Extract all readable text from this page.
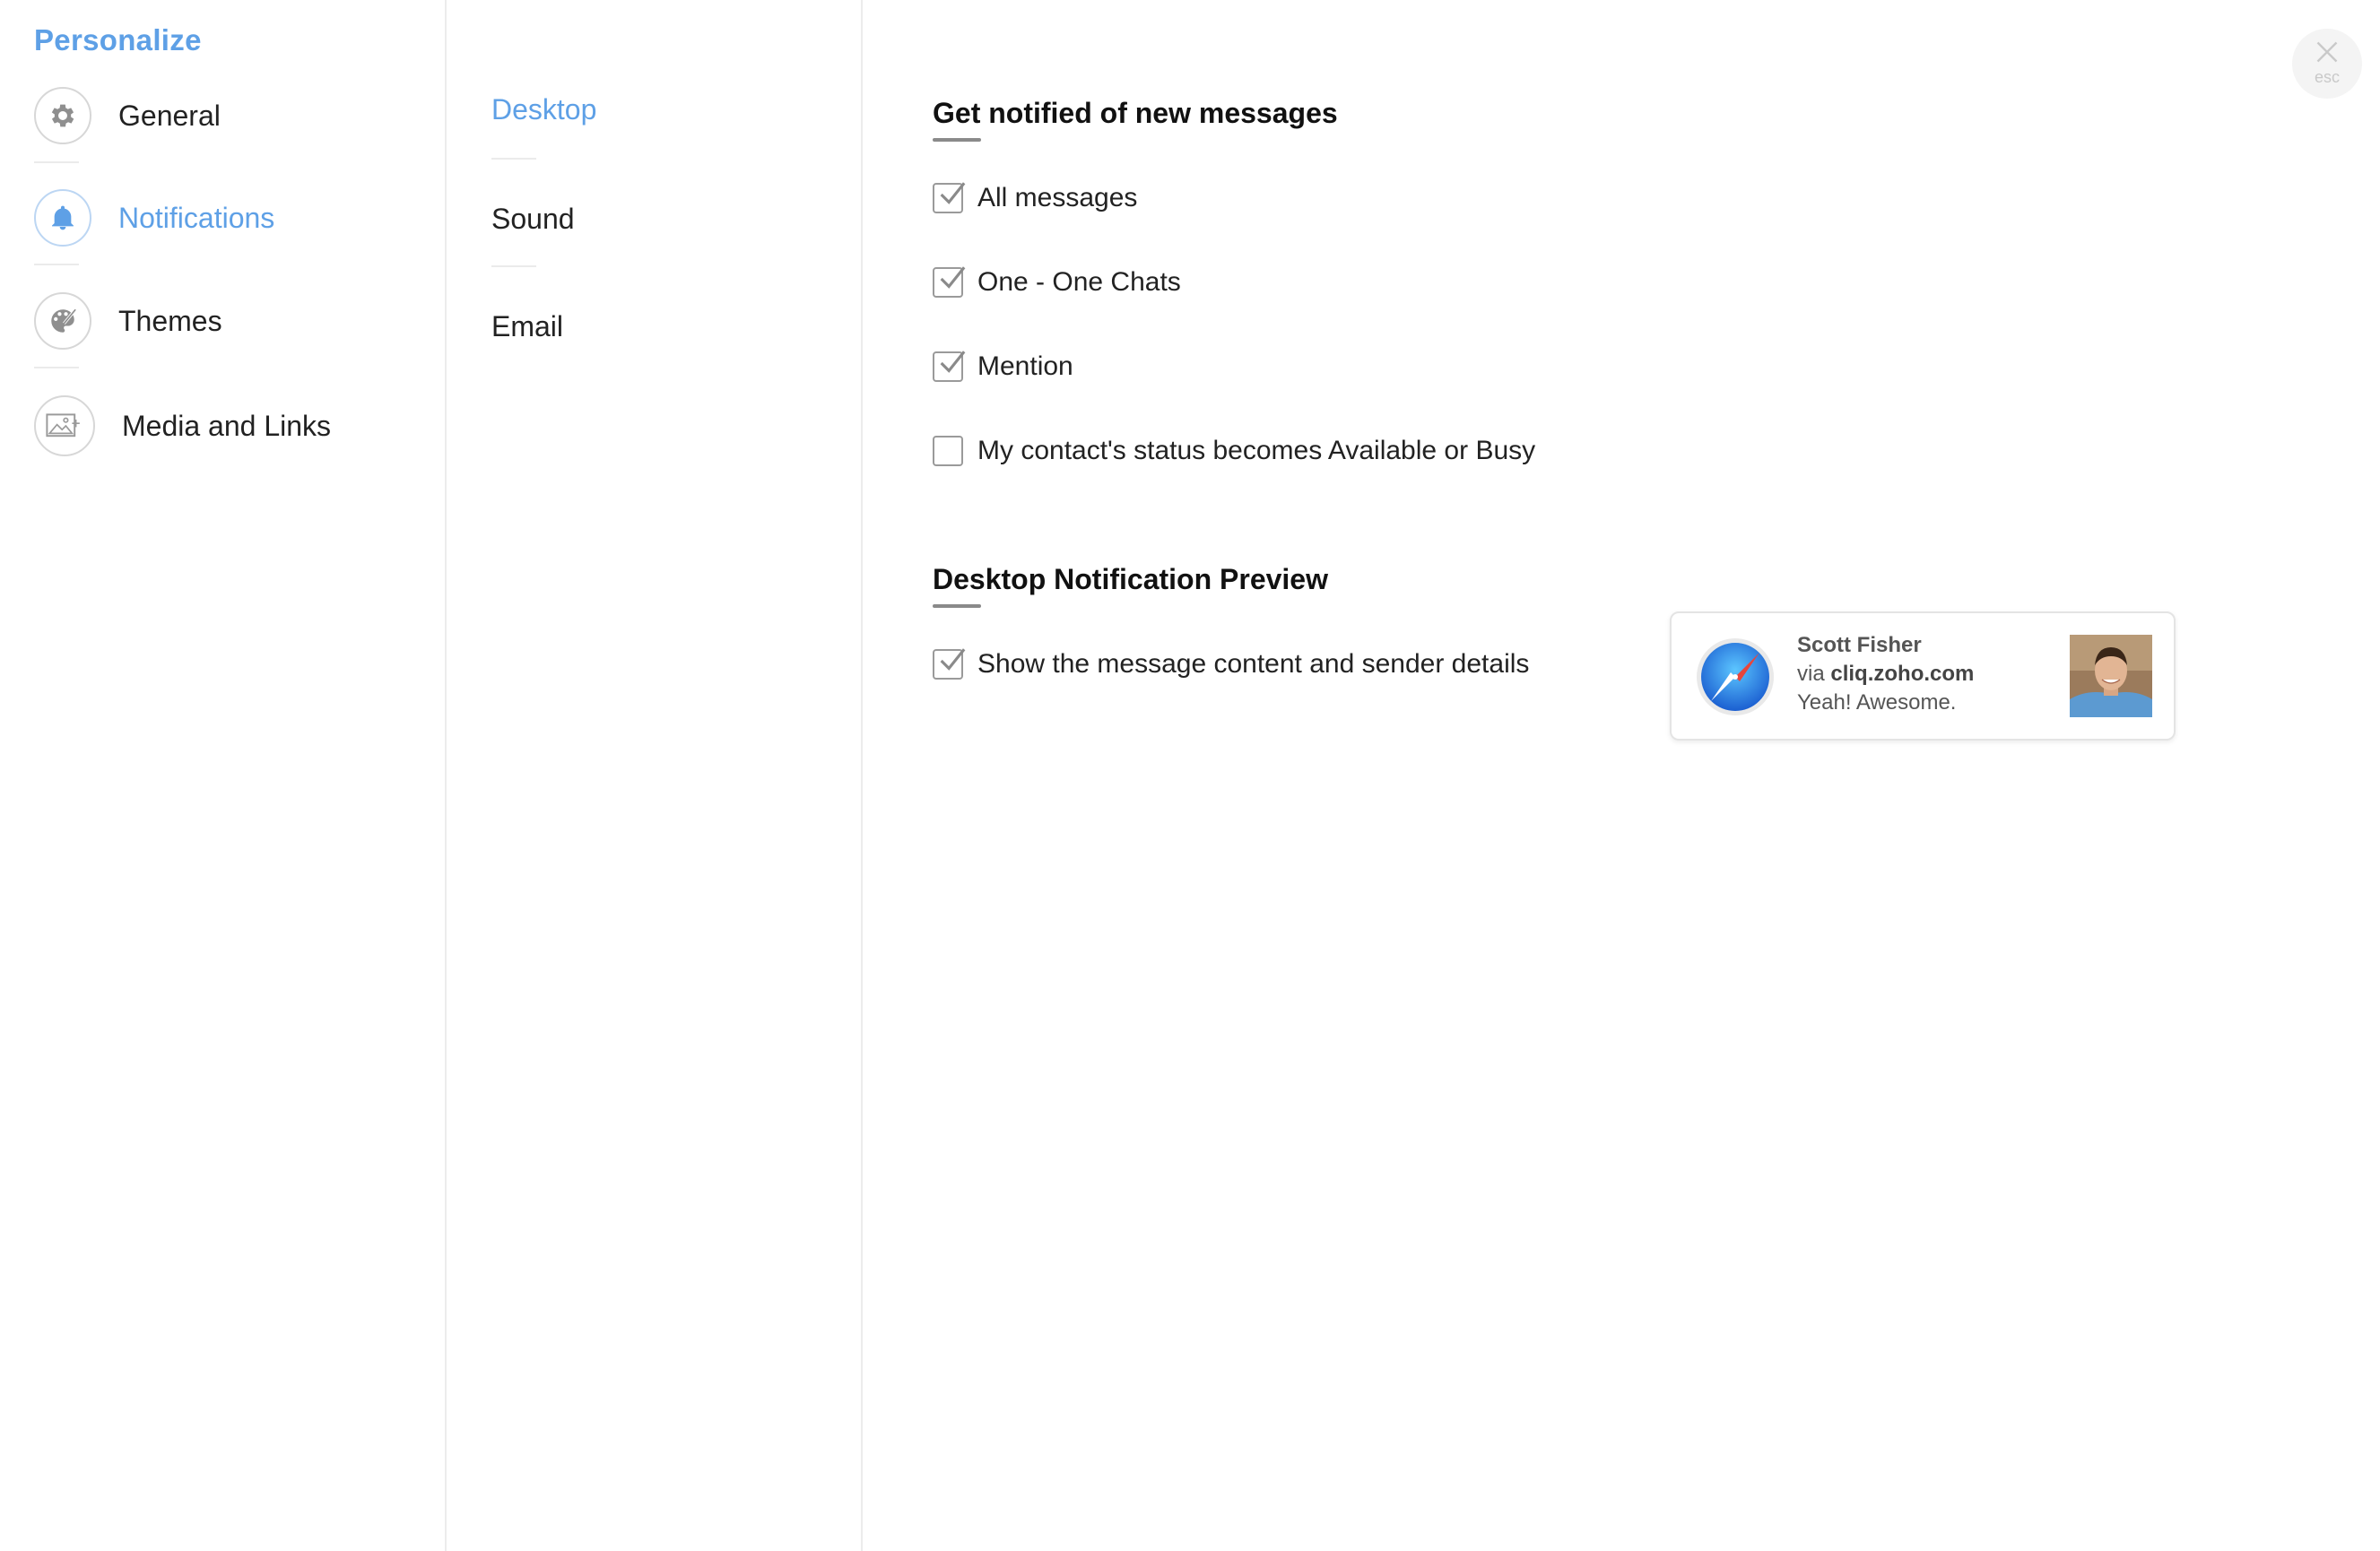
Personalize
General
Notifications
Themes
Media and Links
Desktop
Sound
Email
Get notified of new messages
All messages
One - One Chats
Mention
My contact's status becomes Available or Busy
Desktop Notification Preview
Show the message content and sender details
Scott Fisher
via cliq.zoho.com
Yeah! Awesome.
esc
